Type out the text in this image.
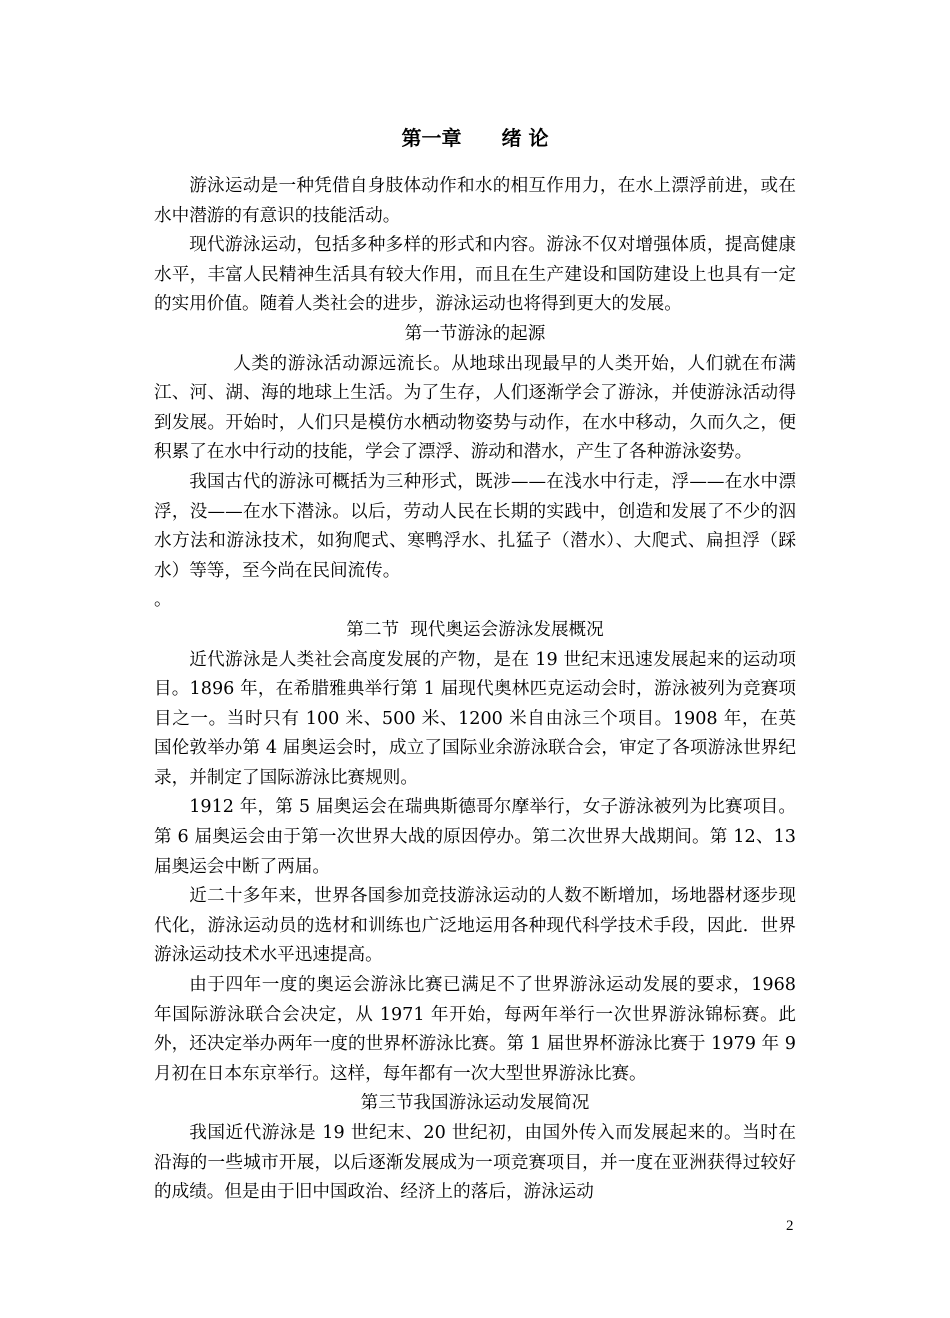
第一章　　绪 论

游泳运动是一种凭借自身肢体动作和水的相互作用力，在水上漂浮前进，或在水中潜游的有意识的技能活动。

现代游泳运动，包括多种多样的形式和内容。游泳不仅对增强体质，提高健康水平，丰富人民精神生活具有较大作用，而且在生产建设和国防建设上也具有一定的实用价值。随着人类社会的进步，游泳运动也将得到更大的发展。

第一节游泳的起源

人类的游泳活动源远流长。从地球出现最早的人类开始，人们就在布满江、河、湖、海的地球上生活。为了生存，人们逐渐学会了游泳，并使游泳活动得到发展。开始时，人们只是模仿水栖动物姿势与动作，在水中移动，久而久之，便积累了在水中行动的技能，学会了漂浮、游动和潜水，产生了各种游泳姿势。

我国古代的游泳可概括为三种形式，既涉——在浅水中行走，浮——在水中漂浮，没——在水下潜泳。以后，劳动人民在长期的实践中，创造和发展了不少的泅水方法和游泳技术，如狗爬式、寒鸭浮水、扎猛子（潜水）、大爬式、扁担浮（踩水）等等，至今尚在民间流传。

。

第二节  现代奥运会游泳发展概况

近代游泳是人类社会高度发展的产物，是在 19 世纪末迅速发展起来的运动项目。1896 年，在希腊雅典举行第 1 届现代奥林匹克运动会时，游泳被列为竞赛项目之一。当时只有 100 米、500 米、1200 米自由泳三个项目。1908 年，在英国伦敦举办第 4 届奥运会时，成立了国际业余游泳联合会，审定了各项游泳世界纪录，并制定了国际游泳比赛规则。

1912 年，第 5 届奥运会在瑞典斯德哥尔摩举行，女子游泳被列为比赛项目。第 6 届奥运会由于第一次世界大战的原因停办。第二次世界大战期间。第 12、13 届奥运会中断了两届。

近二十多年来，世界各国参加竞技游泳运动的人数不断增加，场地器材逐步现代化，游泳运动员的选材和训练也广泛地运用各种现代科学技术手段，因此．世界游泳运动技术水平迅速提高。

由于四年一度的奥运会游泳比赛已满足不了世界游泳运动发展的要求，1968 年国际游泳联合会决定，从 1971 年开始，每两年举行一次世界游泳锦标赛。此外，还决定举办两年一度的世界杯游泳比赛。第 1 届世界杯游泳比赛于 1979 年 9 月初在日本东京举行。这样，每年都有一次大型世界游泳比赛。

第三节我国游泳运动发展简况

我国近代游泳是 19 世纪末、20 世纪初，由国外传入而发展起来的。当时在沿海的一些城市开展，以后逐渐发展成为一项竞赛项目，并一度在亚洲获得过较好的成绩。但是由于旧中国政治、经济上的落后，游泳运动

2
